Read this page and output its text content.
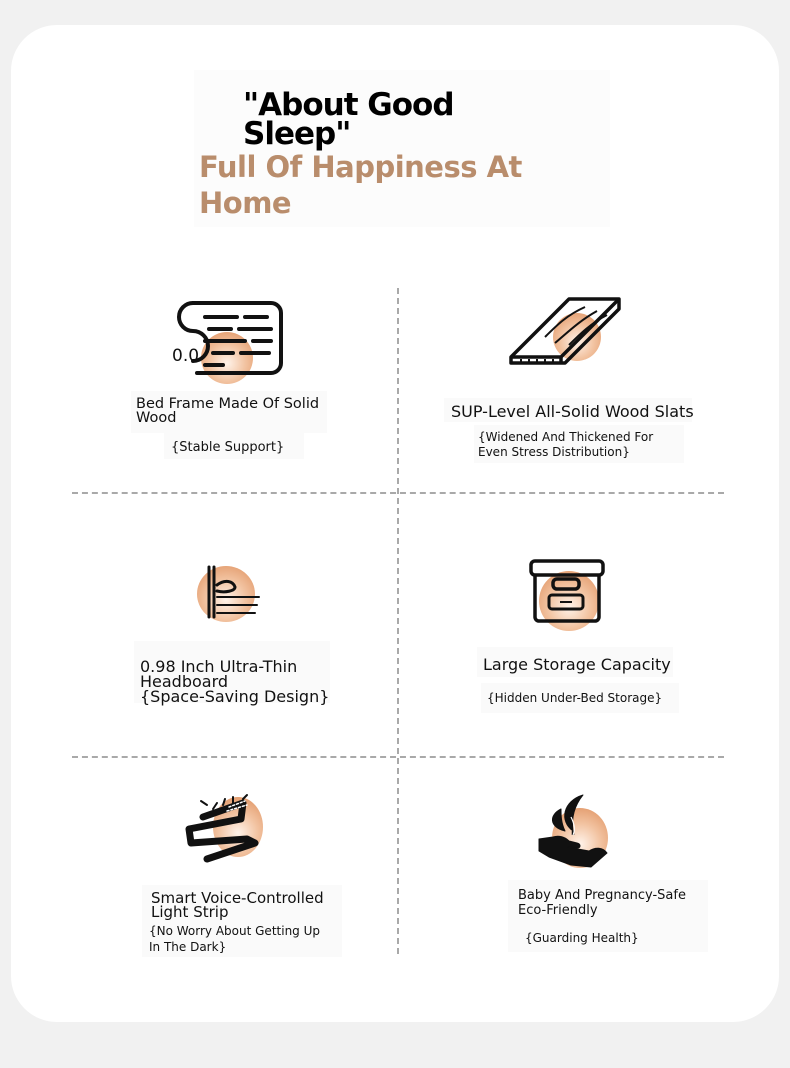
"About Good Sleep"
Full Of Happiness At Home
0.0
Bed Frame Made Of Solid Wood
{Stable Support}
SUP-Level All-Solid Wood Slats
{Widened And Thickened For Even Stress Distribution}
0.98 Inch Ultra-Thin Headboard
{Space-Saving Design}
Large Storage Capacity
{Hidden Under-Bed Storage}
Smart Voice-Controlled Light Strip
{No Worry About Getting Up In The Dark}
Baby And Pregnancy-Safe Eco-Friendly
{Guarding Health}
